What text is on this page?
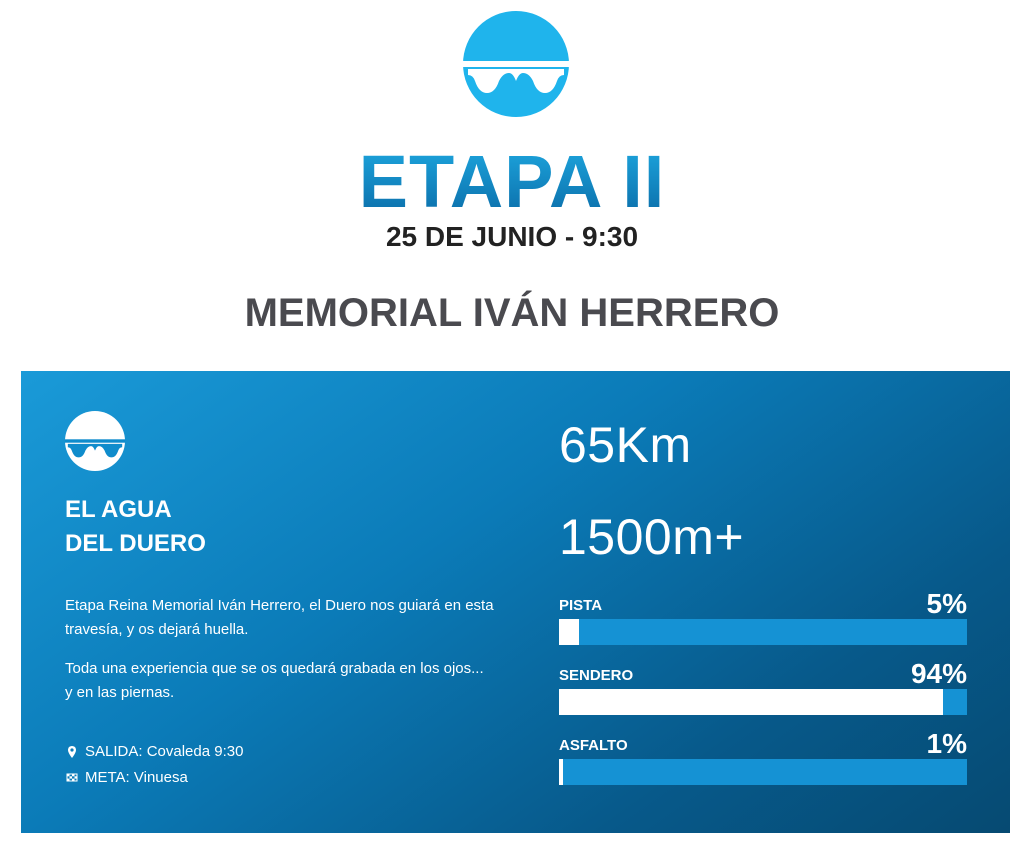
ETAPA II
25 DE JUNIO - 9:30
MEMORIAL IVÁN HERRERO
EL AGUA
DEL DUERO

Etapa Reina Memorial Iván Herrero, el Duero nos guiará en esta travesía, y os dejará huella.

Toda una experiencia que se os quedará grabada en los ojos... y en las piernas.

SALIDA: Covaleda 9:30
META: Vinuesa
65Km
1500m+
PISTA	5%
SENDERO	94%
ASFALTO	1%
